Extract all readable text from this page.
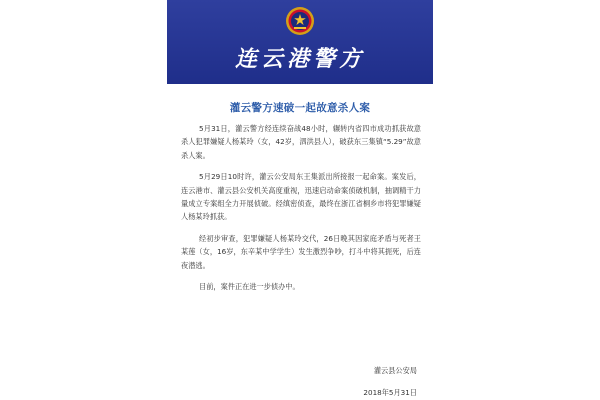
连云港警方
灌云警方速破一起故意杀人案

5月31日，灌云警方经连续奋战48小时，辗转内省四市成功抓获故意杀人犯罪嫌疑人杨某玲（女，42岁，泗洪县人），破获东三集镇“5.29”故意杀人案。

5月29日10时许，灌云公安局东王集派出所接报一起命案。案发后，连云港市、灌云县公安机关高度重视，迅速启动命案侦破机制，抽调精干力量成立专案组全力开展侦破。经缜密侦查，最终在浙江省桐乡市将犯罪嫌疑人杨某玲抓获。

经初步审查，犯罪嫌疑人杨某玲交代，26日晚其因家庭矛盾与死者王某莲（女，16岁，东辛某中学学生）发生激烈争吵，打斗中将其扼死，后连夜潜逃。

目前，案件正在进一步侦办中。

灌云县公安局
2018年5月31日
